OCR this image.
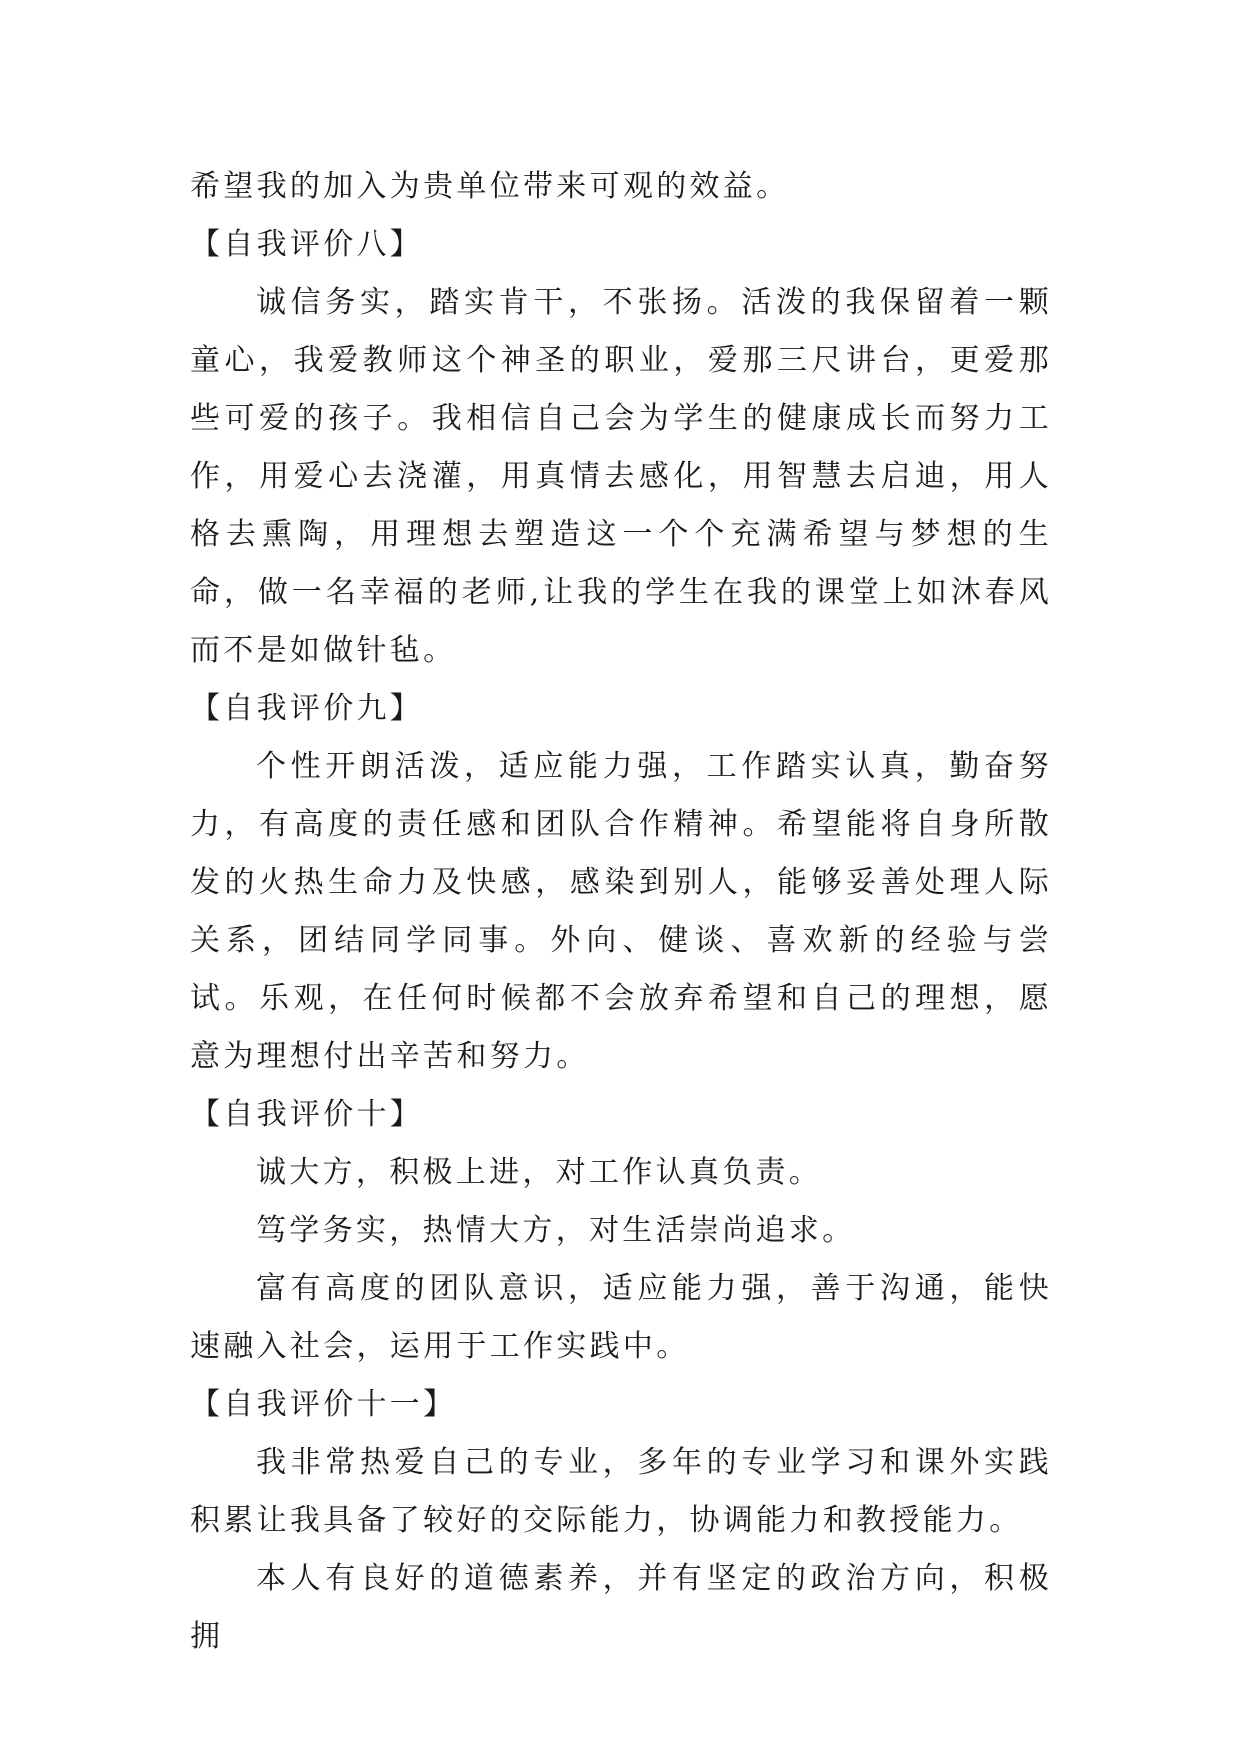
希望我的加入为贵单位带来可观的效益。

【自我评价八】

诚信务实，踏实肯干，不张扬。活泼的我保留着一颗童心，我爱教师这个神圣的职业，爱那三尺讲台，更爱那些可爱的孩子。我相信自己会为学生的健康成长而努力工作，用爱心去浇灌，用真情去感化，用智慧去启迪，用人格去熏陶，用理想去塑造这一个个充满希望与梦想的生命，做一名幸福的老师,让我的学生在我的课堂上如沐春风而不是如做针毡。

【自我评价九】

个性开朗活泼，适应能力强，工作踏实认真，勤奋努力，有高度的责任感和团队合作精神。希望能将自身所散发的火热生命力及快感，感染到别人，能够妥善处理人际关系，团结同学同事。外向、健谈、喜欢新的经验与尝试。乐观，在任何时候都不会放弃希望和自己的理想，愿意为理想付出辛苦和努力。

【自我评价十】

诚大方，积极上进，对工作认真负责。

笃学务实，热情大方，对生活崇尚追求。

富有高度的团队意识，适应能力强，善于沟通，能快速融入社会，运用于工作实践中。

【自我评价十一】

我非常热爱自己的专业，多年的专业学习和课外实践积累让我具备了较好的交际能力，协调能力和教授能力。

本人有良好的道德素养，并有坚定的政治方向，积极拥
